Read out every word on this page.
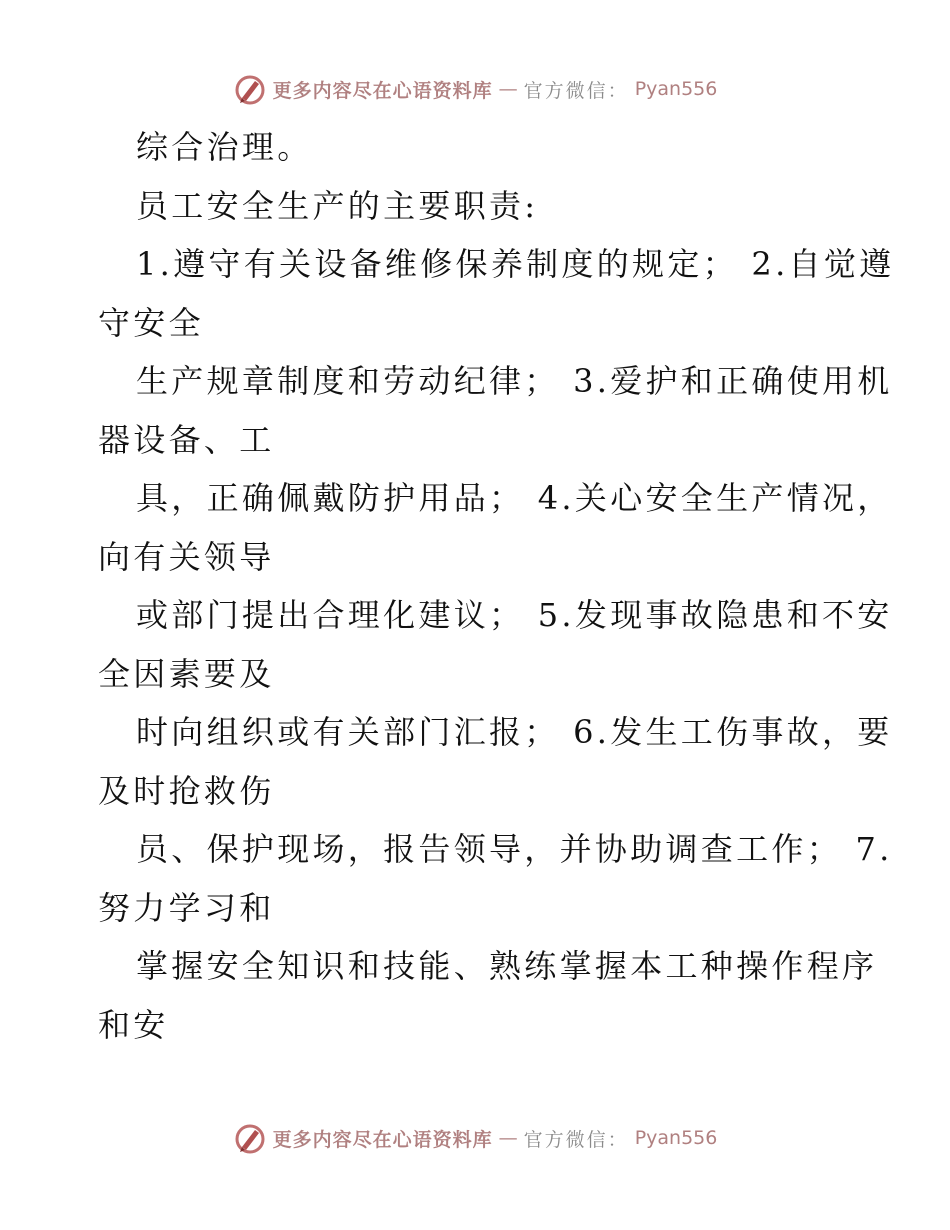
更多内容尽在心语资料库 — 官方微信： Pyan556
综合治理。
员工安全生产的主要职责:
1.遵守有关设备维修保养制度的规定； 2.自觉遵
守安全
生产规章制度和劳动纪律； 3.爱护和正确使用机
器设备、工
具，正确佩戴防护用品； 4.关心安全生产情况，
向有关领导
或部门提出合理化建议； 5.发现事故隐患和不安
全因素要及
时向组织或有关部门汇报； 6.发生工伤事故，要
及时抢救伤
员、保护现场，报告领导，并协助调查工作； 7.
努力学习和
掌握安全知识和技能、熟练掌握本工种操作程序
和安
更多内容尽在心语资料库 — 官方微信： Pyan556
